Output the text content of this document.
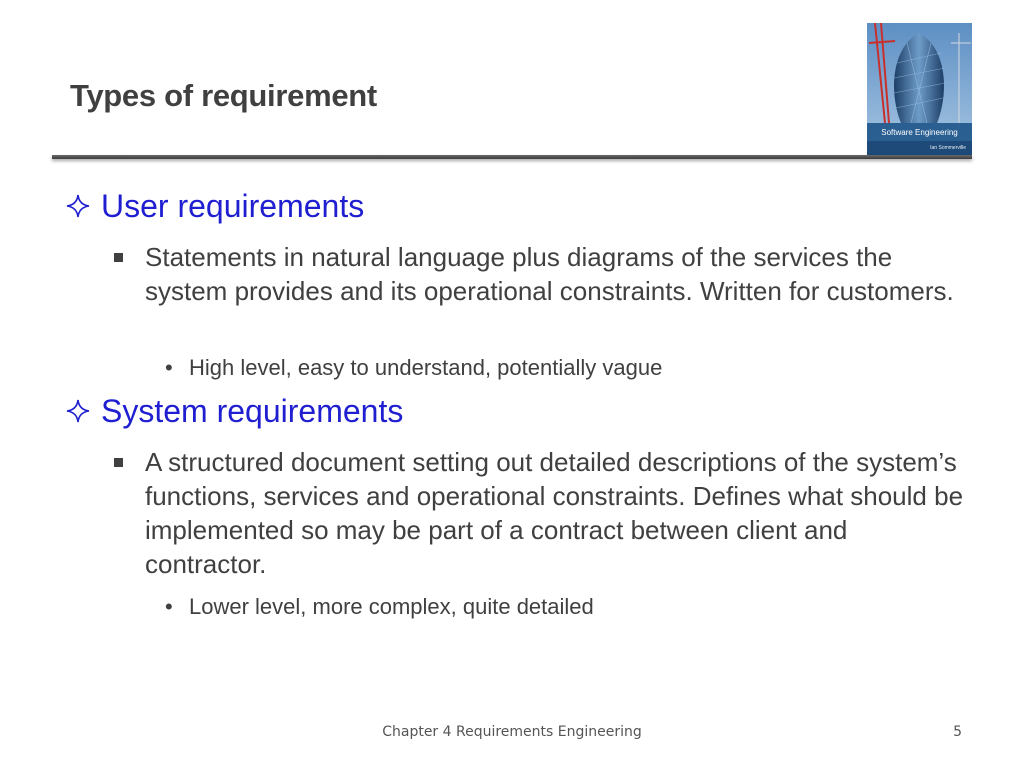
Types of requirement
Software Engineering
Ian Sommerville
User requirements
Statements in natural language plus diagrams of the services the system provides and its operational constraints. Written for customers.
• High level, easy to understand, potentially vague
System requirements
A structured document setting out detailed descriptions of the system’s functions, services and operational constraints. Defines what should be implemented so may be part of a contract between client and contractor.
• Lower level, more complex, quite detailed
Chapter 4 Requirements Engineering	5
